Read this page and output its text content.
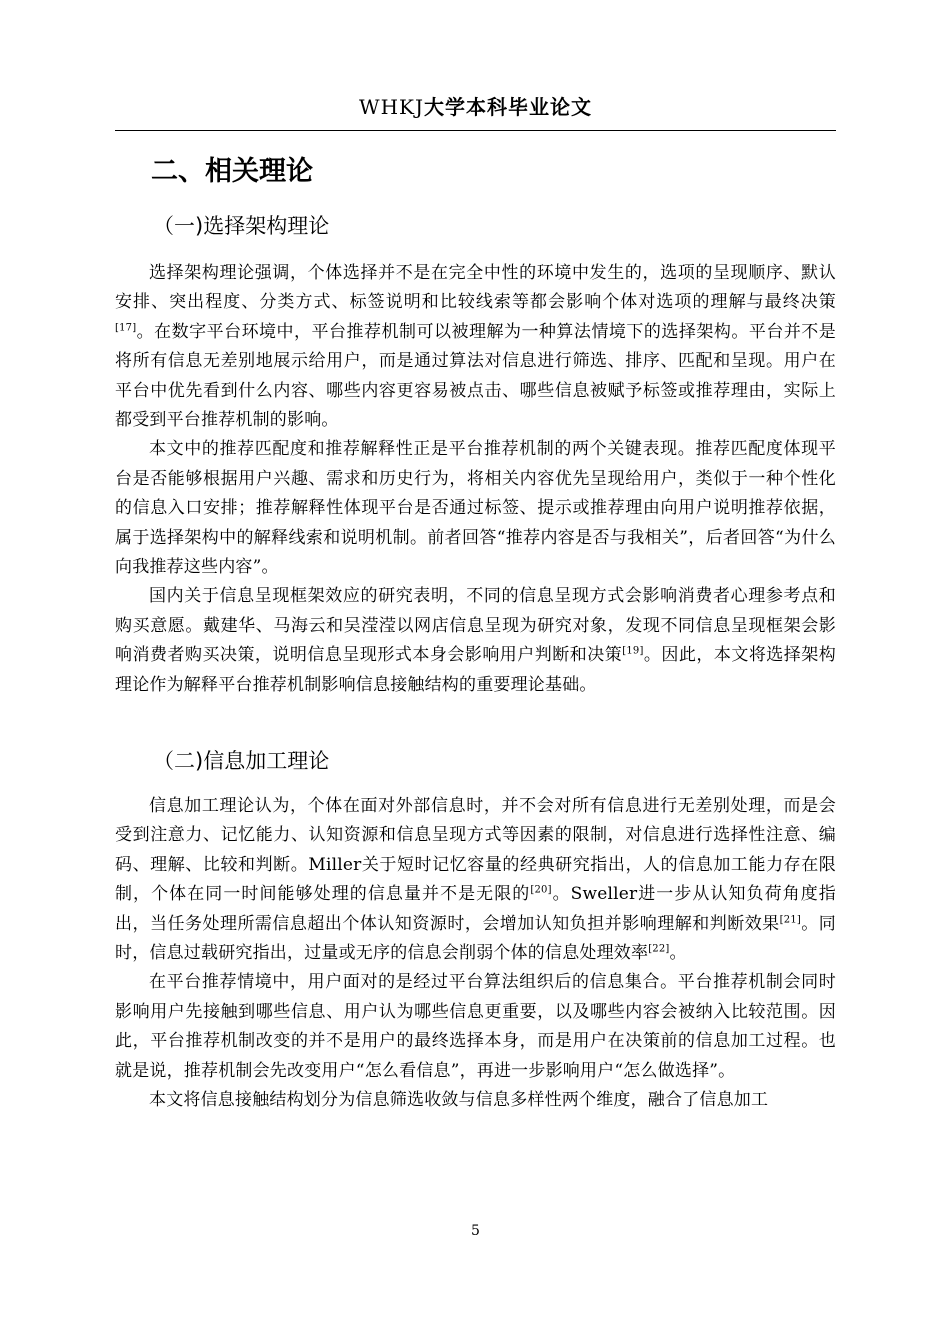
WHKJ大学本科毕业论文
二、相关理论
（一)选择架构理论

选择架构理论强调，个体选择并不是在完全中性的环境中发生的，选项的呈现顺序、默认安排、突出程度、分类方式、标签说明和比较线索等都会影响个体对选项的理解与最终决策[17]。在数字平台环境中，平台推荐机制可以被理解为一种算法情境下的选择架构。平台并不是将所有信息无差别地展示给用户，而是通过算法对信息进行筛选、排序、匹配和呈现。用户在平台中优先看到什么内容、哪些内容更容易被点击、哪些信息被赋予标签或推荐理由，实际上都受到平台推荐机制的影响。

本文中的推荐匹配度和推荐解释性正是平台推荐机制的两个关键表现。推荐匹配度体现平台是否能够根据用户兴趣、需求和历史行为，将相关内容优先呈现给用户，类似于一种个性化的信息入口安排；推荐解释性体现平台是否通过标签、提示或推荐理由向用户说明推荐依据，属于选择架构中的解释线索和说明机制。前者回答“推荐内容是否与我相关”，后者回答“为什么向我推荐这些内容”。

国内关于信息呈现框架效应的研究表明，不同的信息呈现方式会影响消费者心理参考点和购买意愿。戴建华、马海云和吴滢滢以网店信息呈现为研究对象，发现不同信息呈现框架会影响消费者购买决策，说明信息呈现形式本身会影响用户判断和决策[19]。因此，本文将选择架构理论作为解释平台推荐机制影响信息接触结构的重要理论基础。

（二)信息加工理论

信息加工理论认为，个体在面对外部信息时，并不会对所有信息进行无差别处理，而是会受到注意力、记忆能力、认知资源和信息呈现方式等因素的限制，对信息进行选择性注意、编码、理解、比较和判断。Miller关于短时记忆容量的经典研究指出，人的信息加工能力存在限制，个体在同一时间能够处理的信息量并不是无限的[20]。Sweller进一步从认知负荷角度指出，当任务处理所需信息超出个体认知资源时，会增加认知负担并影响理解和判断效果[21]。同时，信息过载研究指出，过量或无序的信息会削弱个体的信息处理效率[22]。

在平台推荐情境中，用户面对的是经过平台算法组织后的信息集合。平台推荐机制会同时影响用户先接触到哪些信息、用户认为哪些信息更重要，以及哪些内容会被纳入比较范围。因此，平台推荐机制改变的并不是用户的最终选择本身，而是用户在决策前的信息加工过程。也就是说，推荐机制会先改变用户“怎么看信息”，再进一步影响用户“怎么做选择”。

本文将信息接触结构划分为信息筛选收敛与信息多样性两个维度，融合了信息加工

5
